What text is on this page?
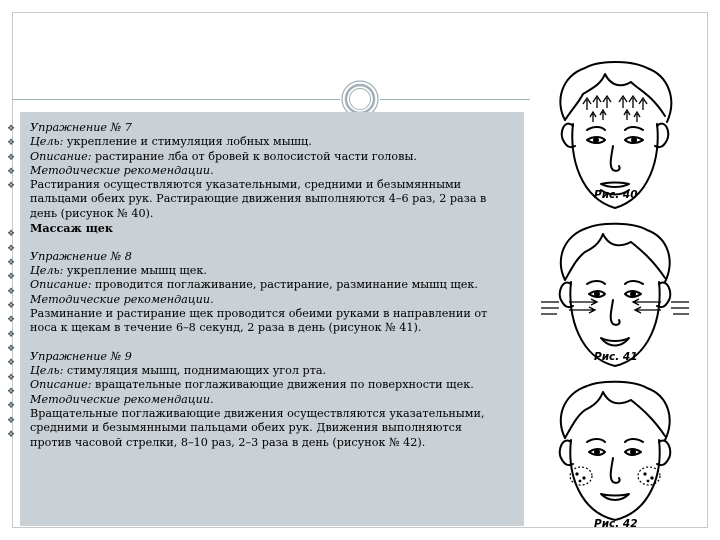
❖
❖
❖
❖
❖
❖
❖
❖
❖
❖
❖
❖
❖
❖
❖
❖
❖
❖
❖
❖
Упражнение № 7
Цель: укрепление и стимуляция лобных мышц.
Описание: растирание лба от бровей к волосистой части головы.
Методические рекомендации.
Растирания осуществляются указательными, средними и безымянными
пальцами обеих рук. Растирающие движения выполняются 4–6 раз, 2 раза в
день (рисунок № 40).
Массаж щек
Упражнение № 8
Цель: укрепление мышц щек.
Описание: проводится поглаживание, растирание, разминание мышц щек.
Методические рекомендации.
Разминание и растирание щек проводится обеими руками в направлении от
носа к щекам в течение 6–8 секунд, 2 раза в день (рисунок № 41).
Упражнение № 9
Цель: стимуляция мышц, поднимающих угол рта.
Описание: вращательные поглаживающие движения по поверхности щек.
Методические рекомендации.
Вращательные поглаживающие движения осуществляются указательными,
средними и безымянными пальцами обеих рук. Движения выполняются
против часовой стрелки, 8–10 раз, 2–3 раза в день (рисунок № 42).
Рис. 40
Рис. 41
Рис. 42
